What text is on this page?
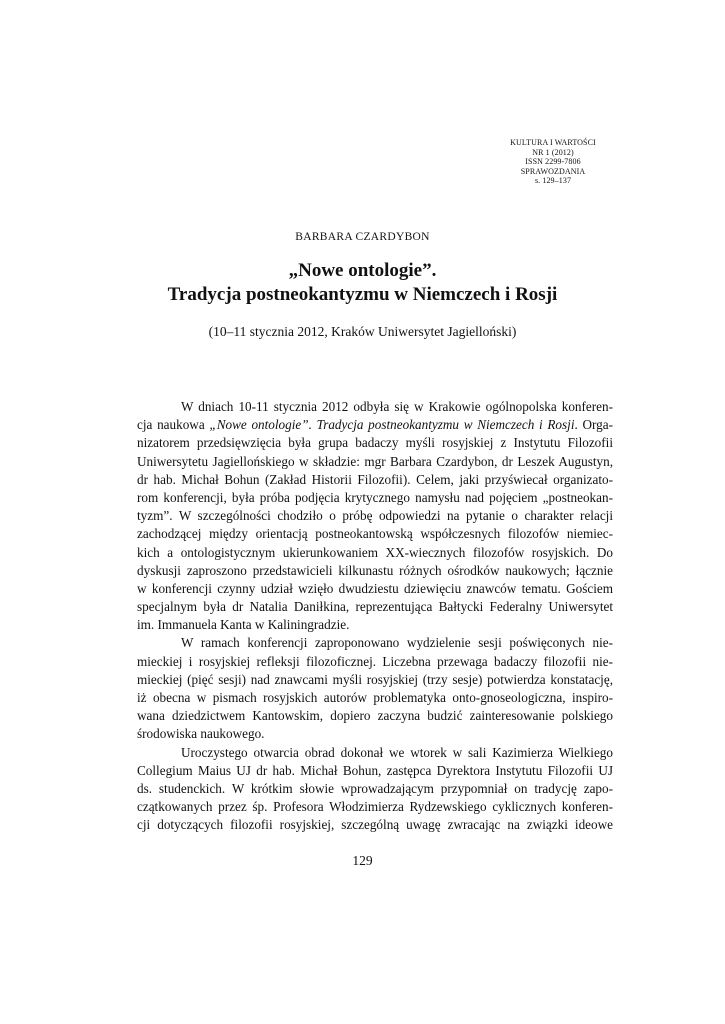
KULTURA I WARTOŚCI
NR 1 (2012)
ISSN 2299-7806
SPRAWOZDANIA
s. 129–137
BARBARA CZARDYBON
„Nowe ontologie”.
Tradycja postneokantyzmu w Niemczech i Rosji
(10–11 stycznia 2012, Kraków Uniwersytet Jagielloński)
W dniach 10-11 stycznia 2012 odbyła się w Krakowie ogólnopolska konferen-
cja naukowa „Nowe ontologie”. Tradycja postneokantyzmu w Niemczech i Rosji. Orga-
nizatorem przedsięwzięcia była grupa badaczy myśli rosyjskiej z Instytutu Filozofii
Uniwersytetu Jagiellońskiego w składzie: mgr Barbara Czardybon, dr Leszek Augustyn,
dr hab. Michał Bohun (Zakład Historii Filozofii). Celem, jaki przyświecał organizato-
rom konferencji, była próba podjęcia krytycznego namysłu nad pojęciem „postneokan-
tyzm”. W szczególności chodziło o próbę odpowiedzi na pytanie o charakter relacji
zachodzącej między orientacją postneokantowską współczesnych filozofów niemiec-
kich a ontologistycznym ukierunkowaniem XX-wiecznych filozofów rosyjskich. Do
dyskusji zaproszono przedstawicieli kilkunastu różnych ośrodków naukowych; łącznie
w konferencji czynny udział wzięło dwudziestu dziewięciu znawców tematu. Gościem
specjalnym była dr Natalia Daniłkina, reprezentująca Bałtycki Federalny Uniwersytet
im. Immanuela Kanta w Kaliningradzie.
W ramach konferencji zaproponowano wydzielenie sesji poświęconych nie-
mieckiej i rosyjskiej refleksji filozoficznej. Liczebna przewaga badaczy filozofii nie-
mieckiej (pięć sesji) nad znawcami myśli rosyjskiej (trzy sesje) potwierdza konstatację,
iż obecna w pismach rosyjskich autorów problematyka onto-gnoseologiczna, inspiro-
wana dziedzictwem Kantowskim, dopiero zaczyna budzić zainteresowanie polskiego
środowiska naukowego.
Uroczystego otwarcia obrad dokonał we wtorek w sali Kazimierza Wielkiego
Collegium Maius UJ dr hab. Michał Bohun, zastępca Dyrektora Instytutu Filozofii UJ
ds. studenckich. W krótkim słowie wprowadzającym przypomniał on tradycję zapo-
czątkowanych przez śp. Profesora Włodzimierza Rydzewskiego cyklicznych konferen-
cji dotyczących filozofii rosyjskiej, szczególną uwagę zwracając na związki ideowe
129
